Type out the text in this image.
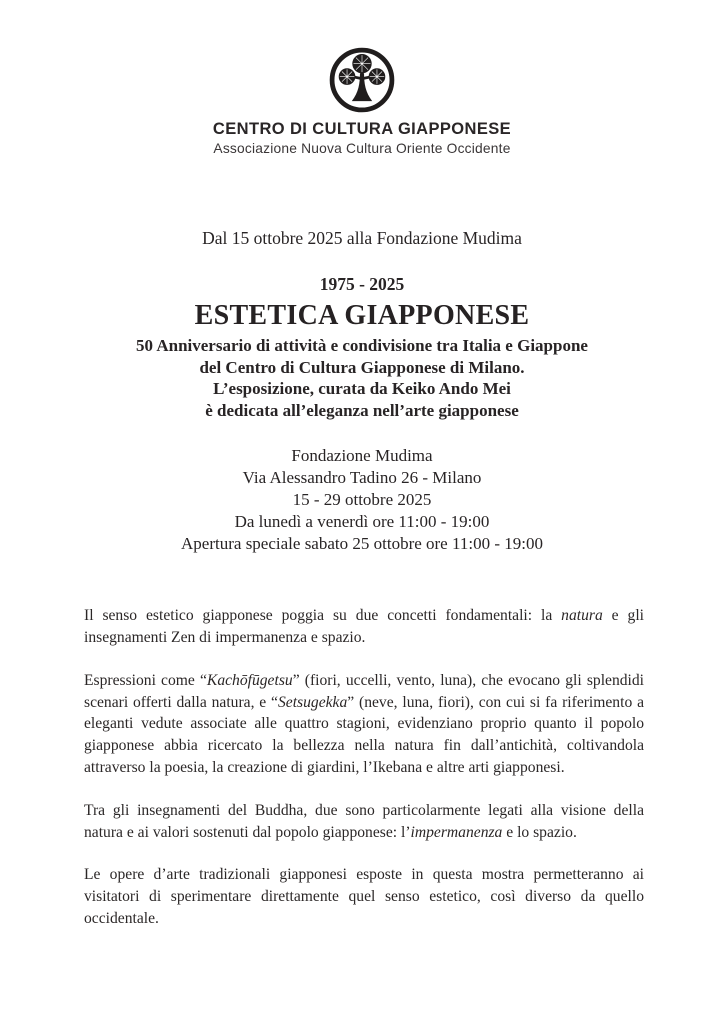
CENTRO DI CULTURA GIAPPONESE
Associazione Nuova Cultura Oriente Occidente
Dal 15 ottobre 2025 alla Fondazione Mudima
1975 - 2025
ESTETICA GIAPPONESE
50 Anniversario di attività e condivisione tra Italia e Giappone
del Centro di Cultura Giapponese di Milano.
L’esposizione, curata da Keiko Ando Mei
è dedicata all’eleganza nell’arte giapponese
Fondazione Mudima
Via Alessandro Tadino 26 - Milano
15 - 29 ottobre 2025
Da lunedì a venerdì ore 11:00 - 19:00
Apertura speciale sabato 25 ottobre ore 11:00 - 19:00

Il senso estetico giapponese poggia su due concetti fondamentali: la natura e gli insegnamenti Zen di impermanenza e spazio.

Espressioni come “Kachōfūgetsu” (fiori, uccelli, vento, luna), che evocano gli splendidi scenari offerti dalla natura, e “Setsugekka” (neve, luna, fiori), con cui si fa riferimento a eleganti vedute associate alle quattro stagioni, evidenziano proprio quanto il popolo giapponese abbia ricercato la bellezza nella natura fin dall’antichità, coltivandola attraverso la poesia, la creazione di giardini, l’Ikebana e altre arti giapponesi.

Tra gli insegnamenti del Buddha, due sono particolarmente legati alla visione della natura e ai valori sostenuti dal popolo giapponese: l’impermanenza e lo spazio.

Le opere d’arte tradizionali giapponesi esposte in questa mostra permetteranno ai visitatori di sperimentare direttamente quel senso estetico, così diverso da quello occidentale.
